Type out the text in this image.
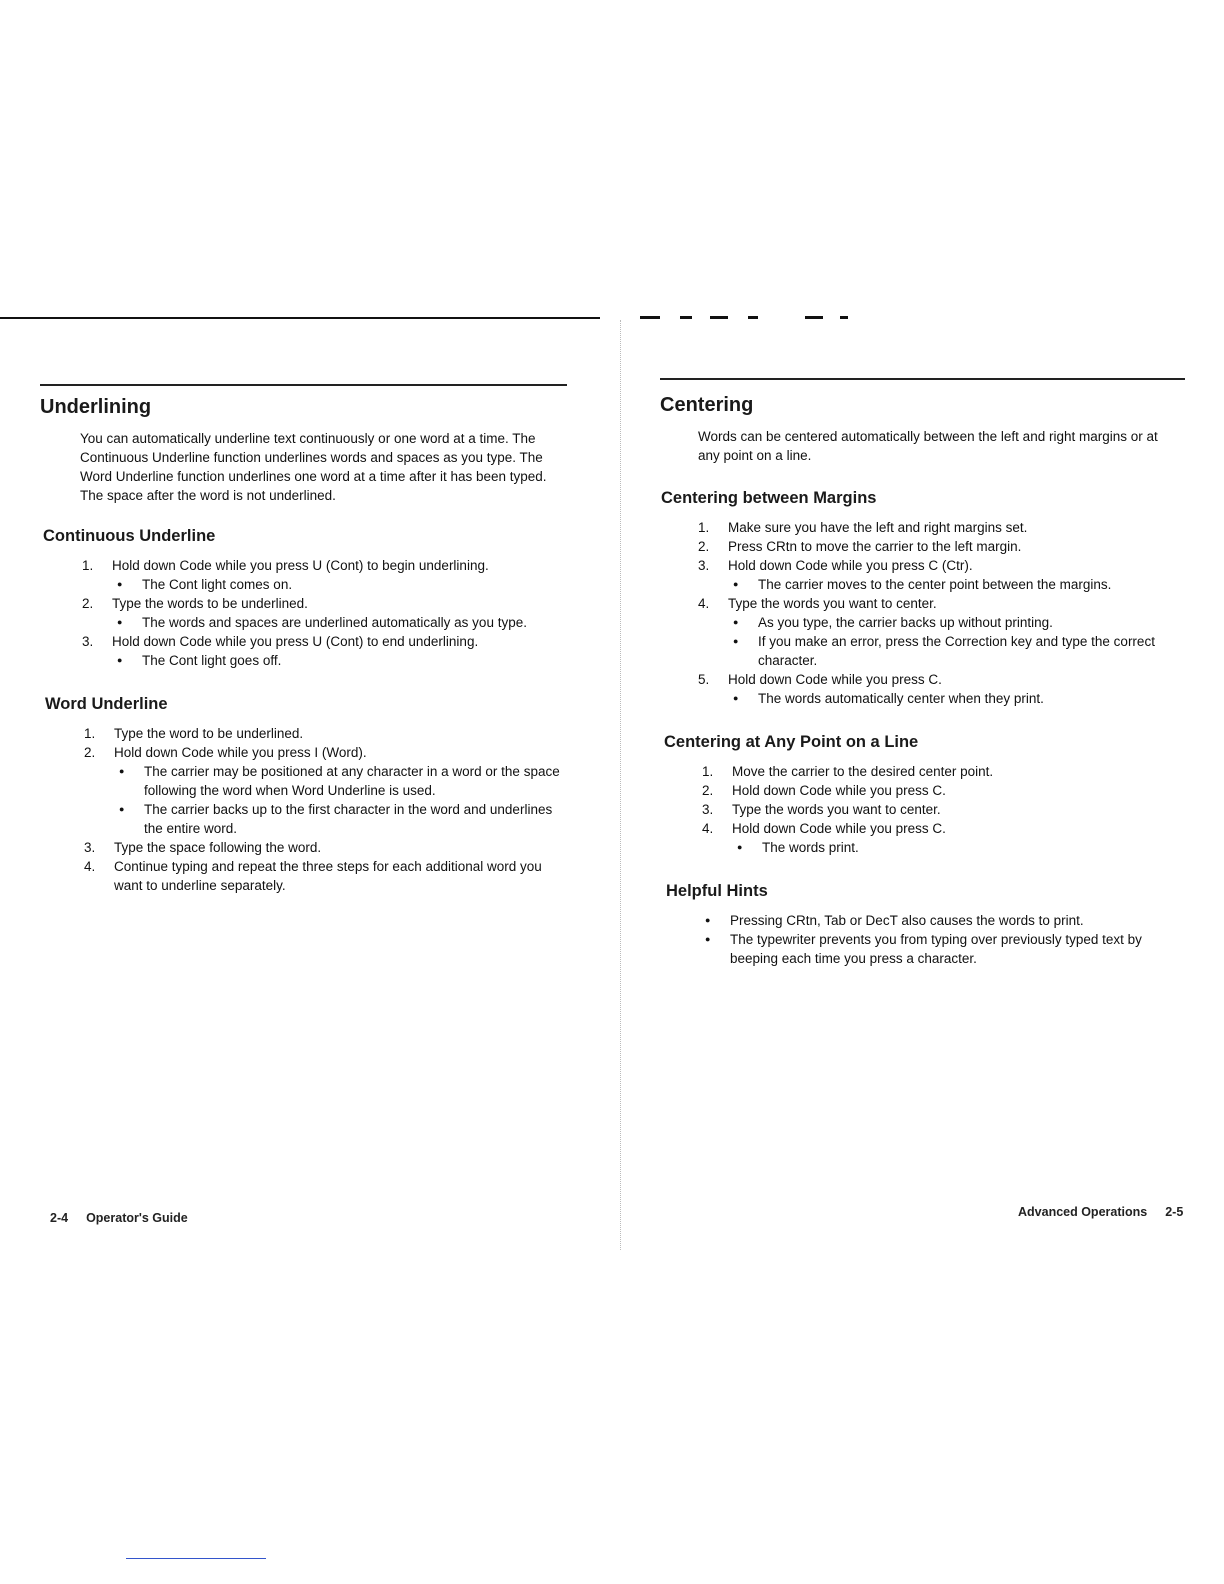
Underlining

You can automatically underline text continuously or one word at a time. The Continuous Underline function underlines words and spaces as you type. The Word Underline function underlines one word at a time after it has been typed. The space after the word is not underlined.

Continuous Underline
1. Hold down Code while you press U (Cont) to begin underlining.
● The Cont light comes on.
2. Type the words to be underlined.
● The words and spaces are underlined automatically as you type.
3. Hold down Code while you press U (Cont) to end underlining.
● The Cont light goes off.
Word Underline
1. Type the word to be underlined.
2. Hold down Code while you press I (Word).
● The carrier may be positioned at any character in a word or the space following the word when Word Underline is used.
● The carrier backs up to the first character in the word and underlines the entire word.
3. Type the space following the word.
4. Continue typing and repeat the three steps for each additional word you want to underline separately.
2-4 Operator's Guide
Centering

Words can be centered automatically between the left and right margins or at any point on a line.

Centering between Margins
1. Make sure you have the left and right margins set.
2. Press CRtn to move the carrier to the left margin.
3. Hold down Code while you press C (Ctr).
● The carrier moves to the center point between the margins.
4. Type the words you want to center.
● As you type, the carrier backs up without printing.
● If you make an error, press the Correction key and type the correct character.
5. Hold down Code while you press C.
● The words automatically center when they print.
Centering at Any Point on a Line
1. Move the carrier to the desired center point.
2. Hold down Code while you press C.
3. Type the words you want to center.
4. Hold down Code while you press C.
● The words print.
Helpful Hints
● Pressing CRtn, Tab or DecT also causes the words to print.
● The typewriter prevents you from typing over previously typed text by beeping each time you press a character.
Advanced Operations 2-5
